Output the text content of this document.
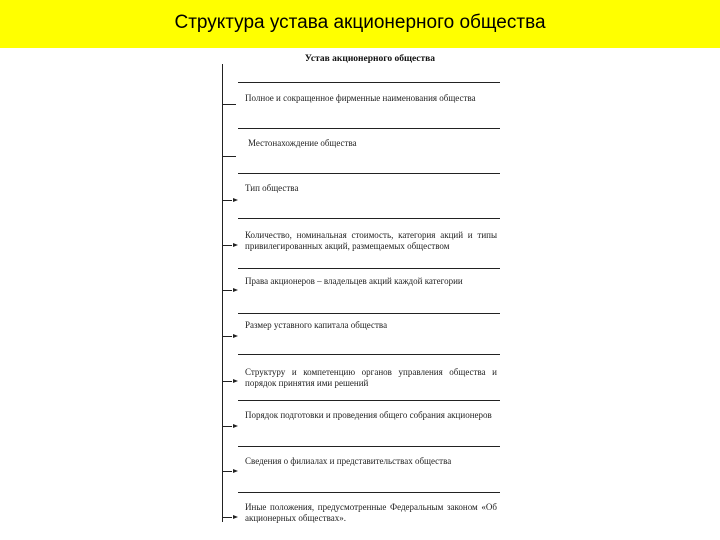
Структура устава акционерного общества
Устав акционерного общества
Полное и сокращенное фирменные наименования общества
Местонахождение общества
Тип общества
Количество, номинальная стоимость, категория акций и типы привилегированных акций, размещаемых обществом
Права акционеров – владельцев акций каждой категории
Размер уставного капитала общества
Структуру и компетенцию органов управления общества и порядок принятия ими решений
Порядок подготовки и проведения общего собрания акционеров
Сведения о филиалах и представительствах общества
Иные положения, предусмотренные Федеральным законом «Об акционерных обществах».
